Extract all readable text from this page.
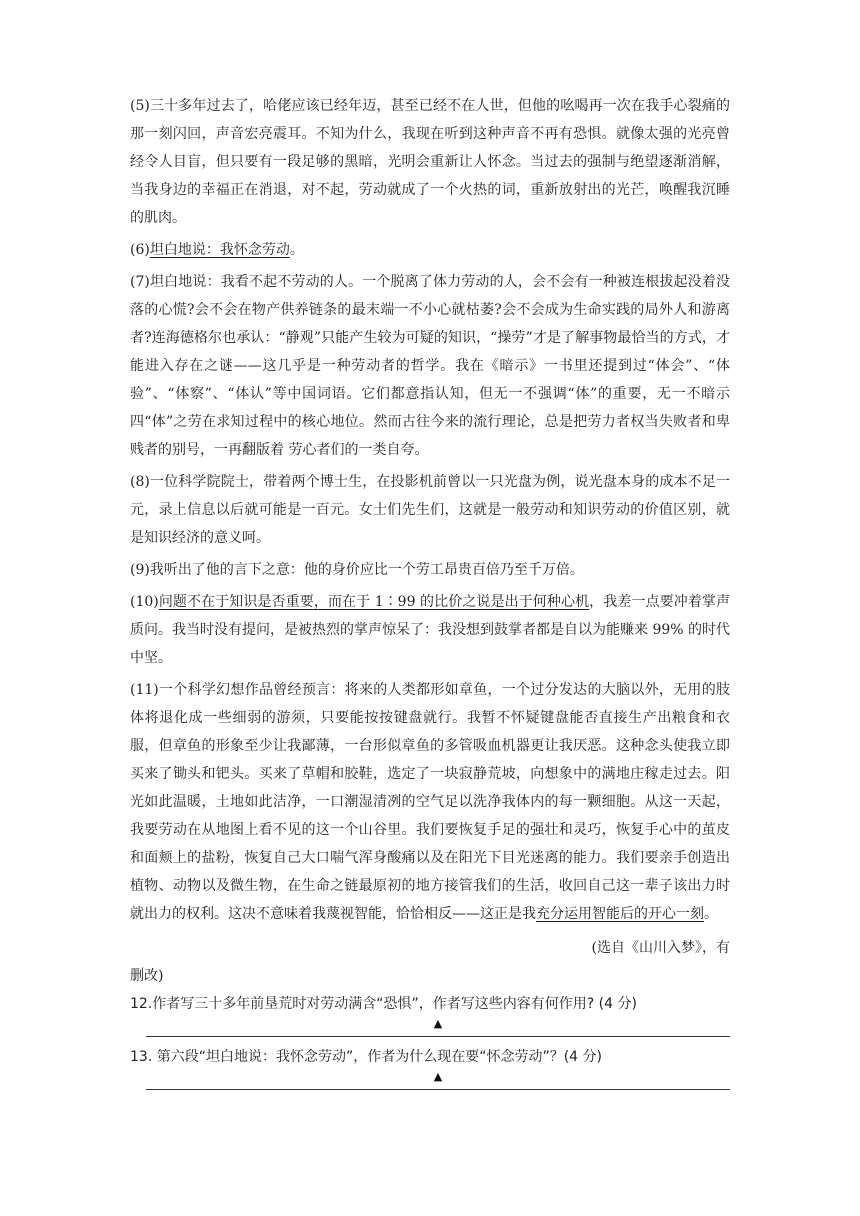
(5)三十多年过去了，哈佬应该已经年迈，甚至已经不在人世，但他的吆喝再一次在我手心裂痛的那一刻闪回，声音宏亮震耳。不知为什么，我现在听到这种声音不再有恐惧。就像太强的光亮曾经令人目盲，但只要有一段足够的黑暗，光明会重新让人怀念。当过去的强制与绝望逐渐消解，当我身边的幸福正在消退，对不起，劳动就成了一个火热的词，重新放射出的光芒，唤醒我沉睡的肌肉。

(6)坦白地说：我怀念劳动。

(7)坦白地说：我看不起不劳动的人。一个脱离了体力劳动的人，会不会有一种被连根拔起没着没落的心慌?会不会在物产供养链条的最末端一不小心就枯萎?会不会成为生命实践的局外人和游离者?连海德格尔也承认：“静观”只能产生较为可疑的知识，“操劳”才是了解事物最恰当的方式，才能进入存在之谜——这几乎是一种劳动者的哲学。我在《暗示》一书里还提到过“体会”、“体验”、“体察”、“体认”等中国词语。它们都意指认知，但无一不强调“体”的重要，无一不暗示四“体”之劳在求知过程中的核心地位。然而古往今来的流行理论，总是把劳力者权当失败者和卑贱者的别号，一再翻版着 劳心者们的一类自夸。

(8)一位科学院院士，带着两个博士生，在投影机前曾以一只光盘为例，说光盘本身的成本不足一元，录上信息以后就可能是一百元。女士们先生们，这就是一般劳动和知识劳动的价值区别，就是知识经济的意义呵。

(9)我听出了他的言下之意：他的身价应比一个劳工昂贵百倍乃至千万倍。

(10)问题不在于知识是否重要，而在于 1∶99 的比价之说是出于何种心机，我差一点要冲着掌声质问。我当时没有提问，是被热烈的掌声惊呆了：我没想到鼓掌者都是自以为能赚来 99% 的时代中坚。

(11)一个科学幻想作品曾经预言：将来的人类都形如章鱼，一个过分发达的大脑以外，无用的肢体将退化成一些细弱的游须，只要能按按键盘就行。我暂不怀疑键盘能否直接生产出粮食和衣服，但章鱼的形象至少让我鄙薄，一台形似章鱼的多管吸血机器更让我厌恶。这种念头使我立即买来了锄头和钯头。买来了草帽和胶鞋，选定了一块寂静荒坡，向想象中的满地庄稼走过去。阳光如此温暖，土地如此洁净，一口潮湿清冽的空气足以洗净我体内的每一颗细胞。从这一天起，我要劳动在从地图上看不见的这一个山谷里。我们要恢复手足的强壮和灵巧，恢复手心中的茧皮和面颊上的盐粉，恢复自己大口喘气浑身酸痛以及在阳光下目光迷离的能力。我们要亲手创造出植物、动物以及微生物，在生命之链最原初的地方接管我们的生活，收回自己这一辈子该出力时就出力的权利。这决不意味着我蔑视智能，恰恰相反——这正是我充分运用智能后的开心一刻。

(选自《山川入梦》，有
删改)

12.作者写三十多年前垦荒时对劳动满含“恐惧”，作者写这些内容有何作用? (4 分)

▲

13. 第六段“坦白地说：我怀念劳动”，作者为什么现在要“怀念劳动”？(4 分)

▲
